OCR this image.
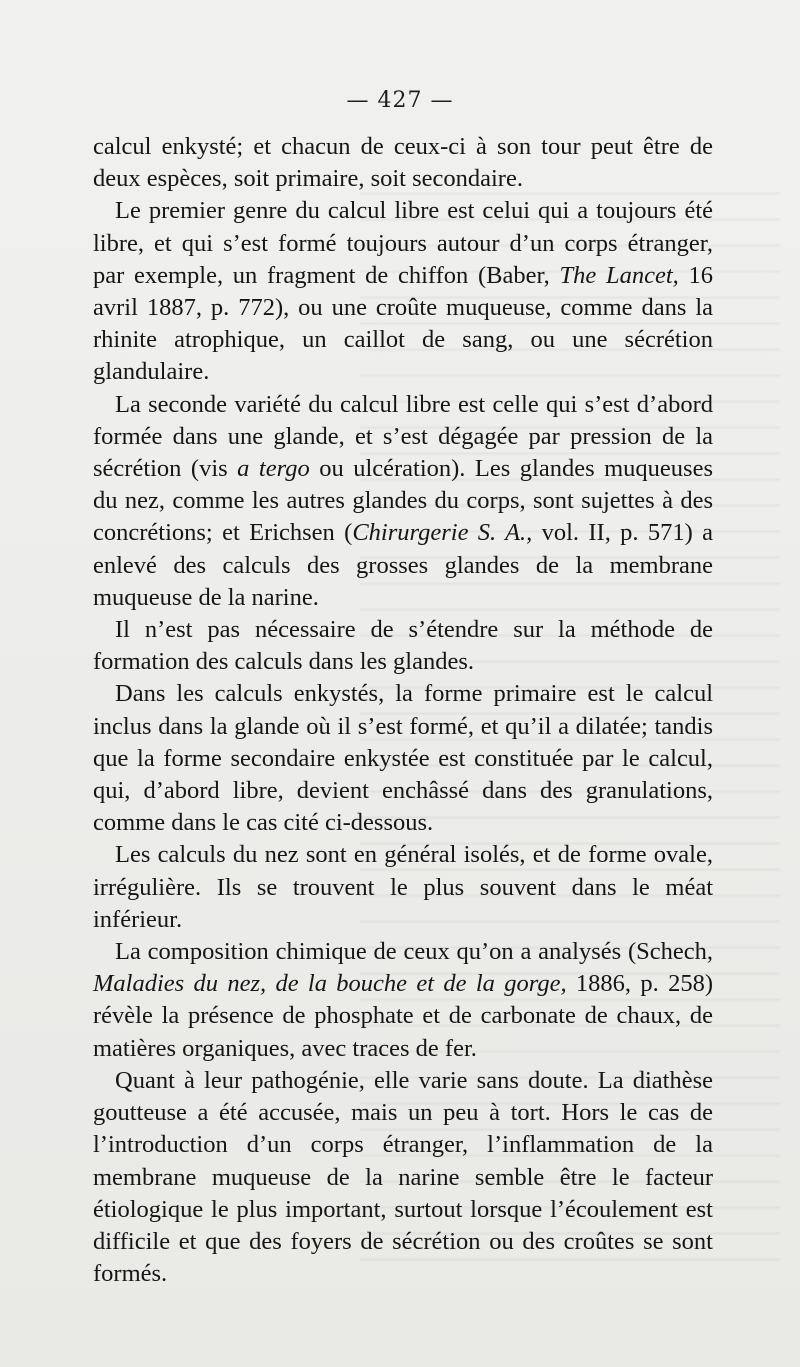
— 427 —

calcul enkysté; et chacun de ceux-ci à son tour peut être de deux espèces, soit primaire, soit secondaire.

Le premier genre du calcul libre est celui qui a toujours été libre, et qui s’est formé toujours autour d’un corps étranger, par exemple, un fragment de chiffon (Baber, The Lancet, 16 avril 1887, p. 772), ou une croûte muqueuse, comme dans la rhinite atrophique, un caillot de sang, ou une sécrétion glandulaire.

La seconde variété du calcul libre est celle qui s’est d’abord formée dans une glande, et s’est dégagée par pression de la sécrétion (vis a tergo ou ulcération). Les glandes muqueuses du nez, comme les autres glandes du corps, sont sujettes à des concrétions; et Erichsen (Chirurgerie S. A., vol. II, p. 571) a enlevé des calculs des grosses glandes de la membrane muqueuse de la narine.

Il n’est pas nécessaire de s’étendre sur la méthode de formation des calculs dans les glandes.

Dans les calculs enkystés, la forme primaire est le calcul inclus dans la glande où il s’est formé, et qu’il a dilatée; tandis que la forme secondaire enkystée est constituée par le calcul, qui, d’abord libre, devient enchâssé dans des granulations, comme dans le cas cité ci-dessous.

Les calculs du nez sont en général isolés, et de forme ovale, irrégulière. Ils se trouvent le plus souvent dans le méat inférieur.

La composition chimique de ceux qu’on a analysés (Schech, Maladies du nez, de la bouche et de la gorge, 1886, p. 258) révèle la présence de phosphate et de carbonate de chaux, de matières organiques, avec traces de fer.

Quant à leur pathogénie, elle varie sans doute. La diathèse goutteuse a été accusée, mais un peu à tort. Hors le cas de l’introduction d’un corps étranger, l’inflammation de la membrane muqueuse de la narine semble être le facteur étiologique le plus important, surtout lorsque l’écoulement est difficile et que des foyers de sécrétion ou des croûtes se sont formés.
